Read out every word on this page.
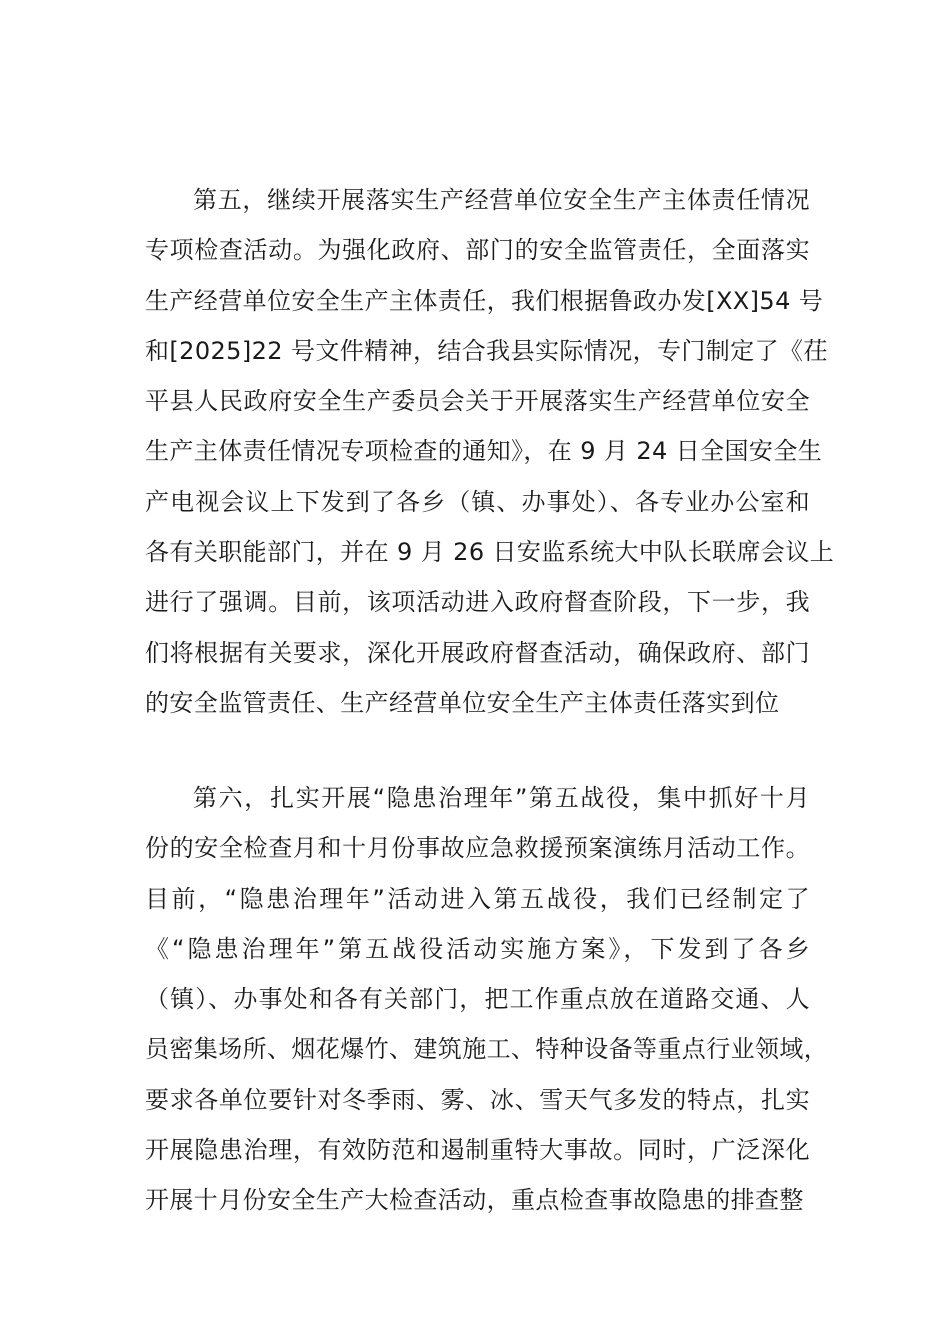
第五，继续开展落实生产经营单位安全生产主体责任情况
专项检查活动。为强化政府、部门的安全监管责任，全面落实
生产经营单位安全生产主体责任，我们根据鲁政办发[XX]54 号
和[2025]22 号文件精神，结合我县实际情况，专门制定了《茌
平县人民政府安全生产委员会关于开展落实生产经营单位安全
生产主体责任情况专项检查的通知》，在 9 月 24 日全国安全生
产电视会议上下发到了各乡（镇、办事处）、各专业办公室和
各有关职能部门，并在 9 月 26 日安监系统大中队长联席会议上
进行了强调。目前，该项活动进入政府督查阶段，下一步，我
们将根据有关要求，深化开展政府督查活动，确保政府、部门
的安全监管责任、生产经营单位安全生产主体责任落实到位
第六，扎实开展“隐患治理年”第五战役，集中抓好十月
份的安全检查月和十月份事故应急救援预案演练月活动工作。
目前，“隐患治理年”活动进入第五战役，我们已经制定了
《“隐患治理年”第五战役活动实施方案》，下发到了各乡
（镇）、办事处和各有关部门，把工作重点放在道路交通、人
员密集场所、烟花爆竹、建筑施工、特种设备等重点行业领域，
要求各单位要针对冬季雨、雾、冰、雪天气多发的特点，扎实
开展隐患治理，有效防范和遏制重特大事故。同时，广泛深化
开展十月份安全生产大检查活动，重点检查事故隐患的排查整
